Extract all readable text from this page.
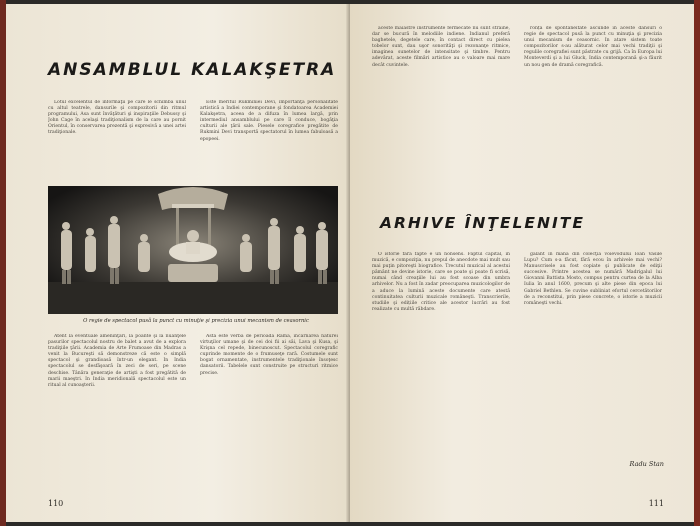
ANSAMBLUL KALAKŞETRA

Lotul excelentul de informaţii pe care le schimbă unul cu altul teatrele, dansurile şi compozitorii din ritmul programului, Asa sunt învăţături şi inspiraţiile Debussy şi John Cage în acelaşi tradiţionalism de la care au pornit Orientul, în conservarea prezentă şi expresivă a unei artei tradiţionale.

Este meritul Rukminiei Devi, importanţă personalitate artistică a Indiei contemporane şi fondatoarea Academiei Kalakşetra, aceea de a difuza în lumea largă, prin intermediul ansamblului pe care îl conduce, bogăţia culturii ale ţării sale. Piesele coregrafice pregătite de Rukmini Devi transportă spectatorul în lumea fabuloasă a epopeei.

O regie de spectacol pusă la punct cu minuţie şi precizia unui mecanism de ceasornic

Atent la eventuale ameninţări, la poante şi la nuanţele pasurilor spectacolul nostru de balet a avut de a explora tradiţiile ţării. Academia de Arte Frumoase din Madras a venit la Bucureşti să demonstreze că este o simplă spectacol şi grandioasă într-un elegant. In India spectacolul se desfăşoară în zeci de seri, pe scene deschise. Tânăra generaţie de artişti a fost pregătită de marii maeştri. In India meridională spectacolul este un ritual al cunoaşterii.

Asta este verba de perioadă Rama, încarnarea naturei virtuţilor umane şi de cei doi fii ai săi, Lava şi Kusa, şi Krişna cel repede, binecunoscut. Spectacolul coregrafic cuprinde momente de o frumuseţe rară. Costumele sunt bogat ornamentate, instrumentele tradiţionale însoţesc dansatorii. Tabelele sunt construite pe structuri ritmice precise.

110

aceste măiastre instrumente fermecate nu sunt străine, dar se bucură în melodiile indiene. Indianul preferă baghetele, degetele care, în contact direct cu pielea tobelor sunt, dau uşor sonorităţi şi rezonanţe ritmice, imaginea sunetelor de intensitate şi timbre. Pentru adevărat, aceste filmări artistice au o valoare mai mare decât cuvintele.

ronța de spontaneitate ascunde în aceste dansuri o regie de spectacol pusă la punct cu minuţia şi precizia unui mecanism de ceasornic. In atare sistem toate compozitorilor s-au alăturat celor mai vechi tradiţii şi regulile coregrafiei sunt păstrate cu grijă. Ca în Europa lui Monteverdi şi a lui Gluck, India contemporană şi-a făurit un nou gen de dramă coregrafică.

ARHIVE ÎNŢELENITE

O istorie fără fapte e un nonsens. Faptul capital, în muzică, e compoziţia, nu prepul de anecdote mai mult sau mai puţin pitoreşti biografice. Trecutul muzical al acestui pământ ne devine istorie, care se poate şi poate fi scrisă, numai când creaţiile lui au fost scoase din umbra arhivelor. Nu a fost în zadar preocuparea muzicologilor de a aduce la lumină aceste documente care atestă continuitatea culturii muzicale româneşti. Transcrierile, studiile şi edițiile critice ale acestor lucrări au fost realizate cu multă răbdare.

galant în mâna din colecţia voievodului Ioan Vasile Lupu? Cum s-a făcut, fără ecou în arhivele mai vechi? Manuscrisele au fost copiate şi publicate de ediţii succesive. Printre acestea se numără Madrigalul lui Giovanni Battista Mosto, compus pentru curtea de la Alba Iulia în anul 1600, precum şi alte piese din epoca lui Gabriel Bethlen. Se cuvine subliniat efortul cercetătorilor de a reconstitui, prin piese concrete, o istorie a muzicii româneşti vechi.

Radu Stan
111
